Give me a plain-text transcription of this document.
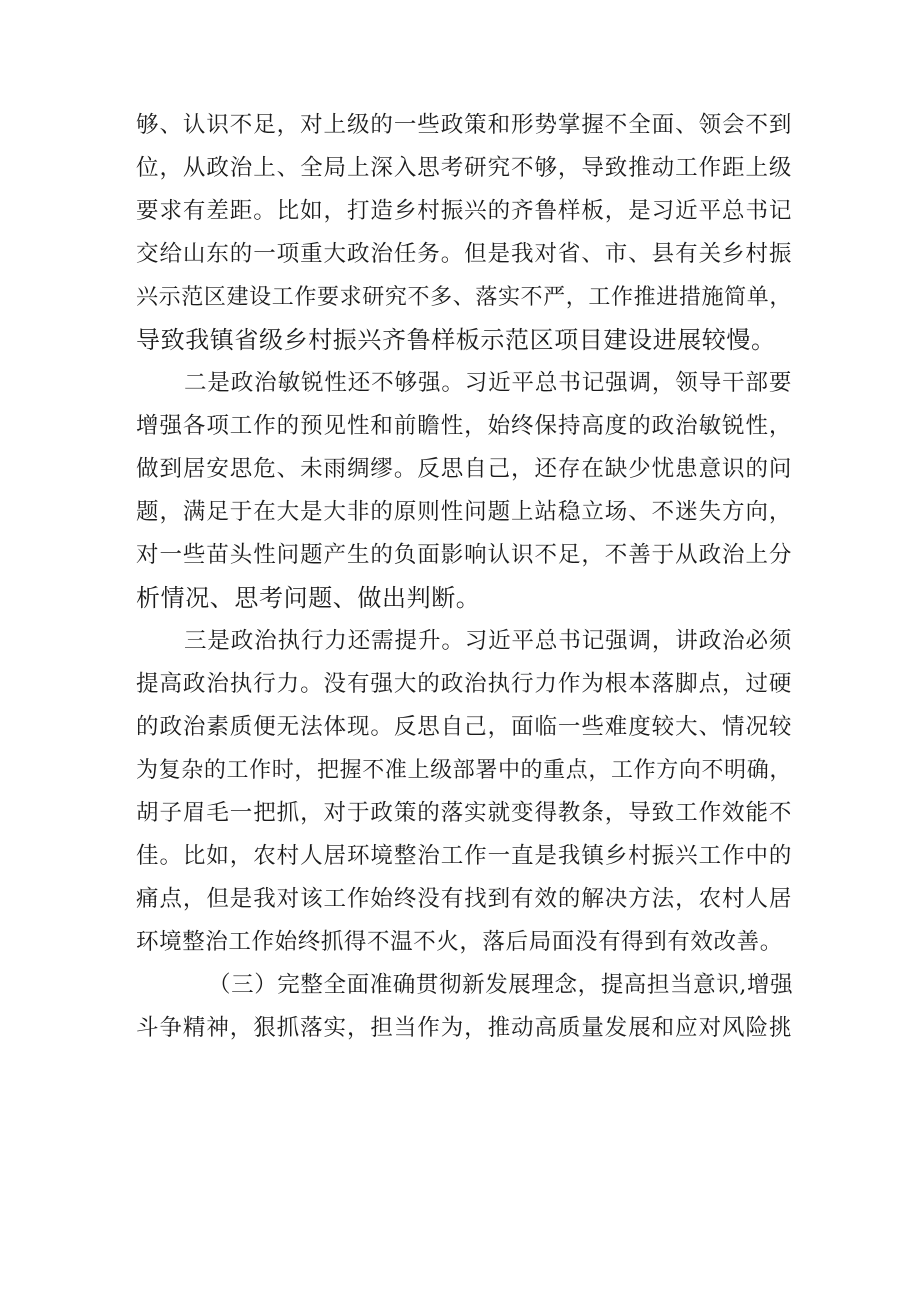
够、认识不足，对上级的一些政策和形势掌握不全面、领会不到
位，从政治上、全局上深入思考研究不够，导致推动工作距上级
要求有差距。比如，打造乡村振兴的齐鲁样板，是习近平总书记
交给山东的一项重大政治任务。但是我对省、市、县有关乡村振
兴示范区建设工作要求研究不多、落实不严，工作推进措施简单，
导致我镇省级乡村振兴齐鲁样板示范区项目建设进展较慢。
二是政治敏锐性还不够强。习近平总书记强调，领导干部要
增强各项工作的预见性和前瞻性，始终保持高度的政治敏锐性，
做到居安思危、未雨绸缪。反思自己，还存在缺少忧患意识的问
题，满足于在大是大非的原则性问题上站稳立场、不迷失方向，
对一些苗头性问题产生的负面影响认识不足，不善于从政治上分
析情况、思考问题、做出判断。
三是政治执行力还需提升。习近平总书记强调，讲政治必须
提高政治执行力。没有强大的政治执行力作为根本落脚点，过硬
的政治素质便无法体现。反思自己，面临一些难度较大、情况较
为复杂的工作时，把握不准上级部署中的重点，工作方向不明确，
胡子眉毛一把抓，对于政策的落实就变得教条，导致工作效能不
佳。比如，农村人居环境整治工作一直是我镇乡村振兴工作中的
痛点，但是我对该工作始终没有找到有效的解决方法，农村人居
环境整治工作始终抓得不温不火，落后局面没有得到有效改善。
（三）完整全面准确贯彻新发展理念，提高担当意识,增强
斗争精神，狠抓落实，担当作为，推动高质量发展和应对风险挑
